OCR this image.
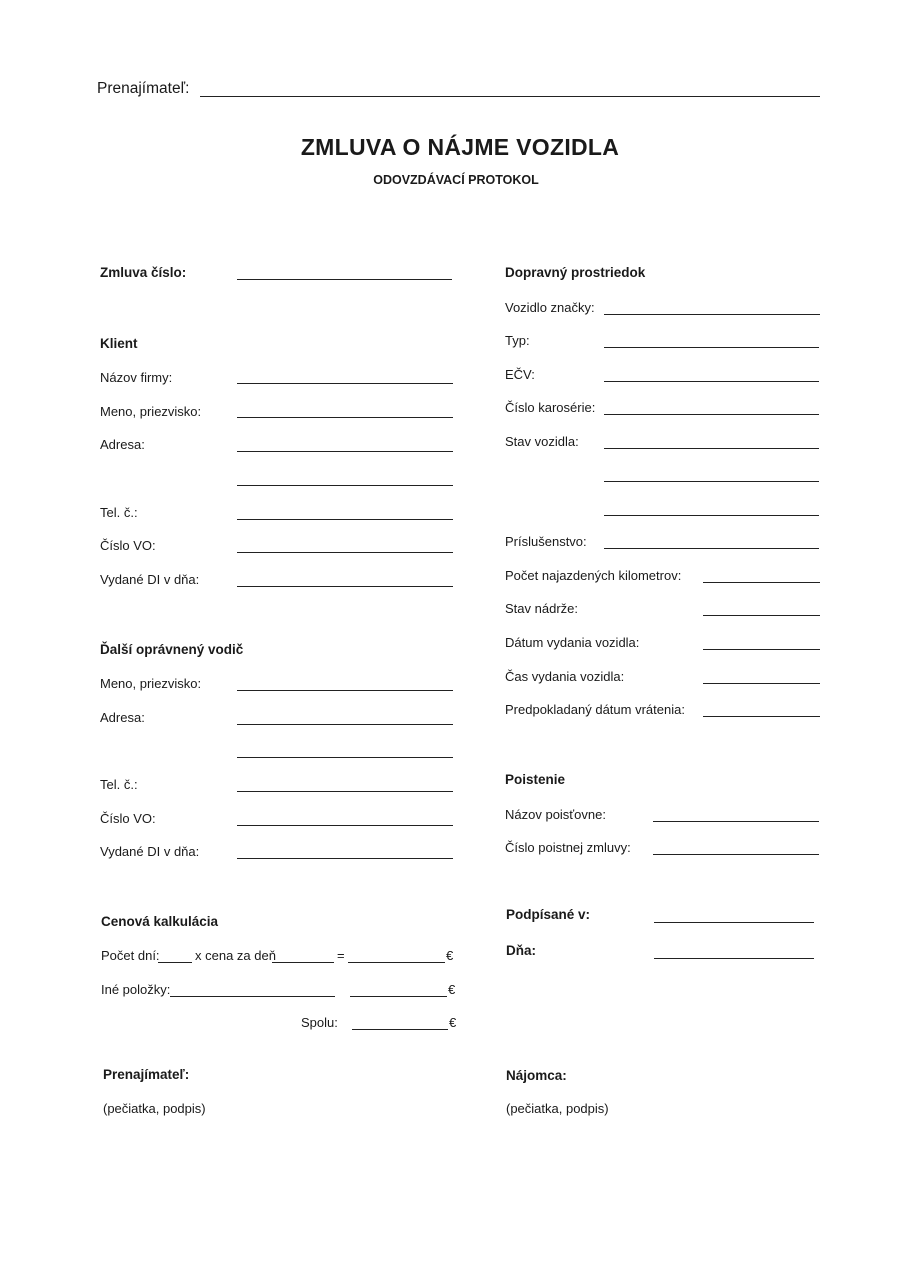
Prenajímateľ:
ZMLUVA O NÁJME VOZIDLA
ODOVZDÁVACÍ PROTOKOL
Zmluva číslo:
Klient
Názov firmy:
Meno, priezvisko:
Adresa:
Tel. č.:
Číslo VO:
Vydané DI v dňa:
Ďalší oprávnený vodič
Meno, priezvisko:
Adresa:
Tel. č.:
Číslo VO:
Vydané DI v dňa:
Cenová kalkulácia
Počet dní:	x cena za deň	=	€
Iné položky:	€
Spolu:	€
Prenajímateľ:
(pečiatka, podpis)
Dopravný prostriedok
Vozidlo značky:
Typ:
EČV:
Číslo karosérie:
Stav vozidla:
Príslušenstvo:
Počet najazdených kilometrov:
Stav nádrže:
Dátum vydania vozidla:
Čas vydania vozidla:
Predpokladaný dátum vrátenia:
Poistenie
Názov poisťovne:
Číslo poistnej zmluvy:
Podpísané v:
Dňa:
Nájomca:
(pečiatka, podpis)
